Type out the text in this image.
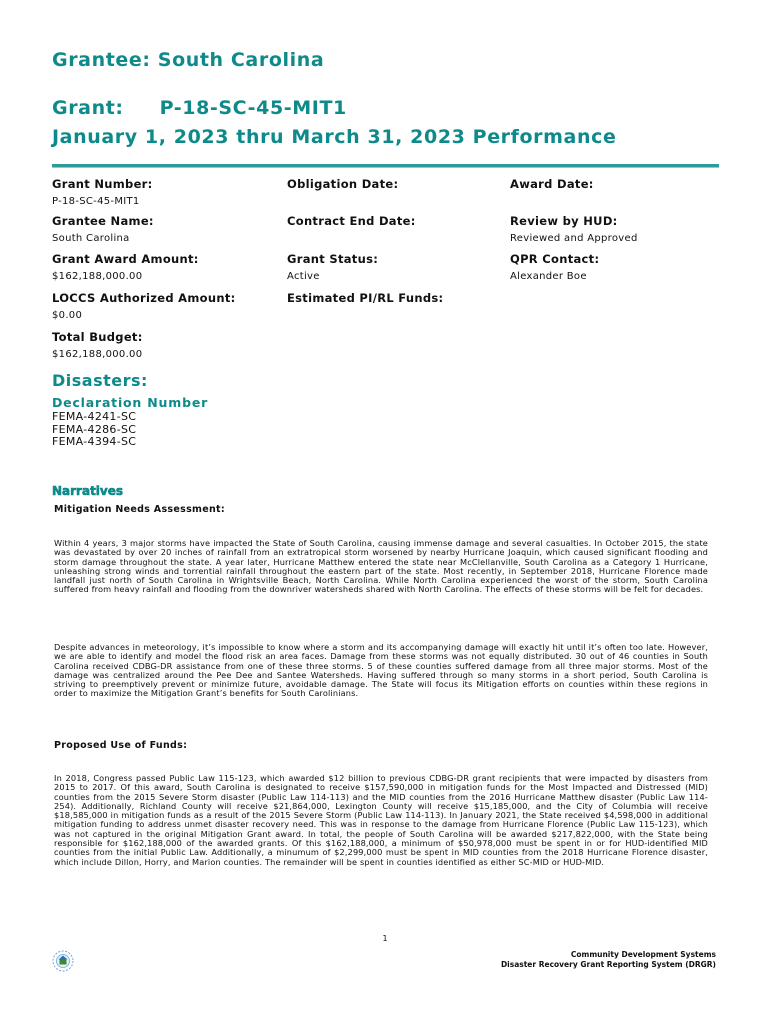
Grantee: South Carolina
Grant: P-18-SC-45-MIT1
January 1, 2023 thru March 31, 2023 Performance
Grant Number:
P-18-SC-45-MIT1
Obligation Date:	Award Date:
Grantee Name:
South Carolina
Contract End Date:	Review by HUD:
Reviewed and Approved
Grant Award Amount:
$162,188,000.00
Grant Status:
Active
QPR Contact:
Alexander Boe
LOCCS Authorized Amount:
$0.00
Estimated PI/RL Funds:
Total Budget:
$162,188,000.00
Disasters:
Declaration Number
FEMA-4241-SC
FEMA-4286-SC
FEMA-4394-SC
Narratives
Mitigation Needs Assessment:

Within 4 years, 3 major storms have impacted the State of South Carolina, causing immense damage and several casualties. In October 2015, the state was devastated by over 20 inches of rainfall from an extratropical storm worsened by nearby Hurricane Joaquin, which caused significant flooding and storm damage throughout the state. A year later, Hurricane Matthew entered the state near McClellanville, South Carolina as a Category 1 Hurricane, unleashing strong winds and torrential rainfall throughout the eastern part of the state. Most recently, in September 2018, Hurricane Florence made landfall just north of South Carolina in Wrightsville Beach, North Carolina. While North Carolina experienced the worst of the storm, South Carolina suffered from heavy rainfall and flooding from the downriver watersheds shared with North Carolina. The effects of these storms will be felt for decades.

Despite advances in meteorology, it’s impossible to know where a storm and its accompanying damage will exactly hit until it’s often too late. However, we are able to identify and model the flood risk an area faces. Damage from these storms was not equally distributed. 30 out of 46 counties in South Carolina received CDBG-DR assistance from one of these three storms. 5 of these counties suffered damage from all three major storms. Most of the damage was centralized around the Pee Dee and Santee Watersheds. Having suffered through so many storms in a short period, South Carolina is striving to preemptively prevent or minimize future, avoidable damage. The State will focus its Mitigation efforts on counties within these regions in order to maximize the Mitigation Grant’s benefits for South Carolinians.

Proposed Use of Funds:

In 2018, Congress passed Public Law 115-123, which awarded $12 billion to previous CDBG-DR grant recipients that were impacted by disasters from 2015 to 2017. Of this award, South Carolina is designated to receive $157,590,000 in mitigation funds for the Most Impacted and Distressed (MID) counties from the 2015 Severe Storm disaster (Public Law 114-113) and the MID counties from the 2016 Hurricane Matthew disaster (Public Law 114-254). Additionally, Richland County will receive $21,864,000, Lexington County will receive $15,185,000, and the City of Columbia will receive $18,585,000 in mitigation funds as a result of the 2015 Severe Storm (Public Law 114-113). In January 2021, the State received $4,598,000 in additional mitigation funding to address unmet disaster recovery need. This was in response to the damage from Hurricane Florence (Public Law 115-123), which was not captured in the original Mitigation Grant award. In total, the people of South Carolina will be awarded $217,822,000, with the State being responsible for $162,188,000 of the awarded grants. Of this $162,188,000, a minimum of $50,978,000 must be spent in or for HUD-identified MID counties from the initial Public Law. Additionally, a minumum of $2,299,000 must be spent in MID counties from the 2018 Hurricane Florence disaster, which include Dillon, Horry, and Marion counties. The remainder will be spent in counties identified as either SC-MID or HUD-MID.

1
Community Development Systems
Disaster Recovery Grant Reporting System (DRGR)
